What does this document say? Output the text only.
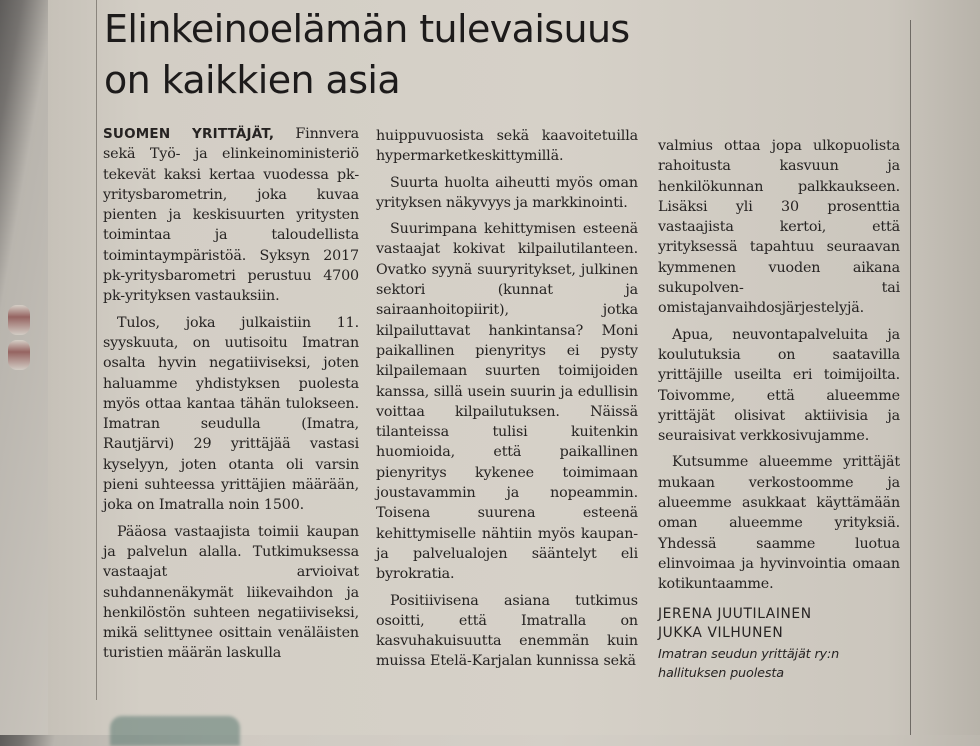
Elinkeinoelämän tulevaisuus
on kaikkien asia

SUOMEN YRITTÄJÄT, Finnvera sekä Työ- ja elinkeinoministeriö tekevät kaksi kertaa vuodessa pk-yritysbarometrin, joka kuvaa pienten ja keskisuurten yritysten toimintaa ja taloudellista toimintaympäristöä. Syksyn 2017 pk-yritysbarometri perustuu 4700 pk-yrityksen vastauksiin.

Tulos, joka julkaistiin 11. syyskuuta, on uutisoitu Imatran osalta hyvin negatiiviseksi, joten haluamme yhdistyksen puolesta myös ottaa kantaa tähän tulokseen. Imatran seudulla (Imatra, Rautjärvi) 29 yrittäjää vastasi kyselyyn, joten otanta oli varsin pieni suhteessa yrittäjien määrään, joka on Imatralla noin 1500.

Pääosa vastaajista toimii kaupan ja palvelun alalla. Tutkimuksessa vastaajat arvioivat suhdannenäkymät liikevaihdon ja henkilöstön suhteen negatiiviseksi, mikä selittynee osittain venäläisten turistien määrän laskulla

huippuvuosista sekä kaavoitetuilla hypermarketkeskittymillä.

Suurta huolta aiheutti myös oman yrityksen näkyvyys ja markkinointi.

Suurimpana kehittymisen esteenä vastaajat kokivat kilpailutilanteen. Ovatko syynä suuryritykset, julkinen sektori (kunnat ja sairaanhoitopiirit), jotka kilpailuttavat hankintansa? Moni paikallinen pienyritys ei pysty kilpailemaan suurten toimijoiden kanssa, sillä usein suurin ja edullisin voittaa kilpailutuksen. Näissä tilanteissa tulisi kuitenkin huomioida, että paikallinen pienyritys kykenee toimimaan joustavammin ja nopeammin. Toisena suurena esteenä kehittymiselle nähtiin myös kaupan- ja palvelualojen sääntelyt eli byrokratia.

Positiivisena asiana tutkimus osoitti, että Imatralla on kasvuhakuisuutta enemmän kuin muissa Etelä-Karjalan kunnissa sekä

valmius ottaa jopa ulkopuolista rahoitusta kasvuun ja henkilökunnan palkkaukseen. Lisäksi yli 30 prosenttia vastaajista kertoi, että yrityksessä tapahtuu seuraavan kymmenen vuoden aikana sukupolven- tai omistajanvaihdosjärjestelyjä.

Apua, neuvontapalveluita ja koulutuksia on saatavilla yrittäjille useilta eri toimijoilta. Toivomme, että alueemme yrittäjät olisivat aktiivisia ja seuraisivat verkkosivujamme.

Kutsumme alueemme yrittäjät mukaan verkostoomme ja alueemme asukkaat käyttämään oman alueemme yrityksiä. Yhdessä saamme luotua elinvoimaa ja hyvinvointia omaan kotikuntaamme.

JERENA JUUTILAINEN
JUKKA VILHUNEN
Imatran seudun yrittäjät ry:n hallituksen puolesta
